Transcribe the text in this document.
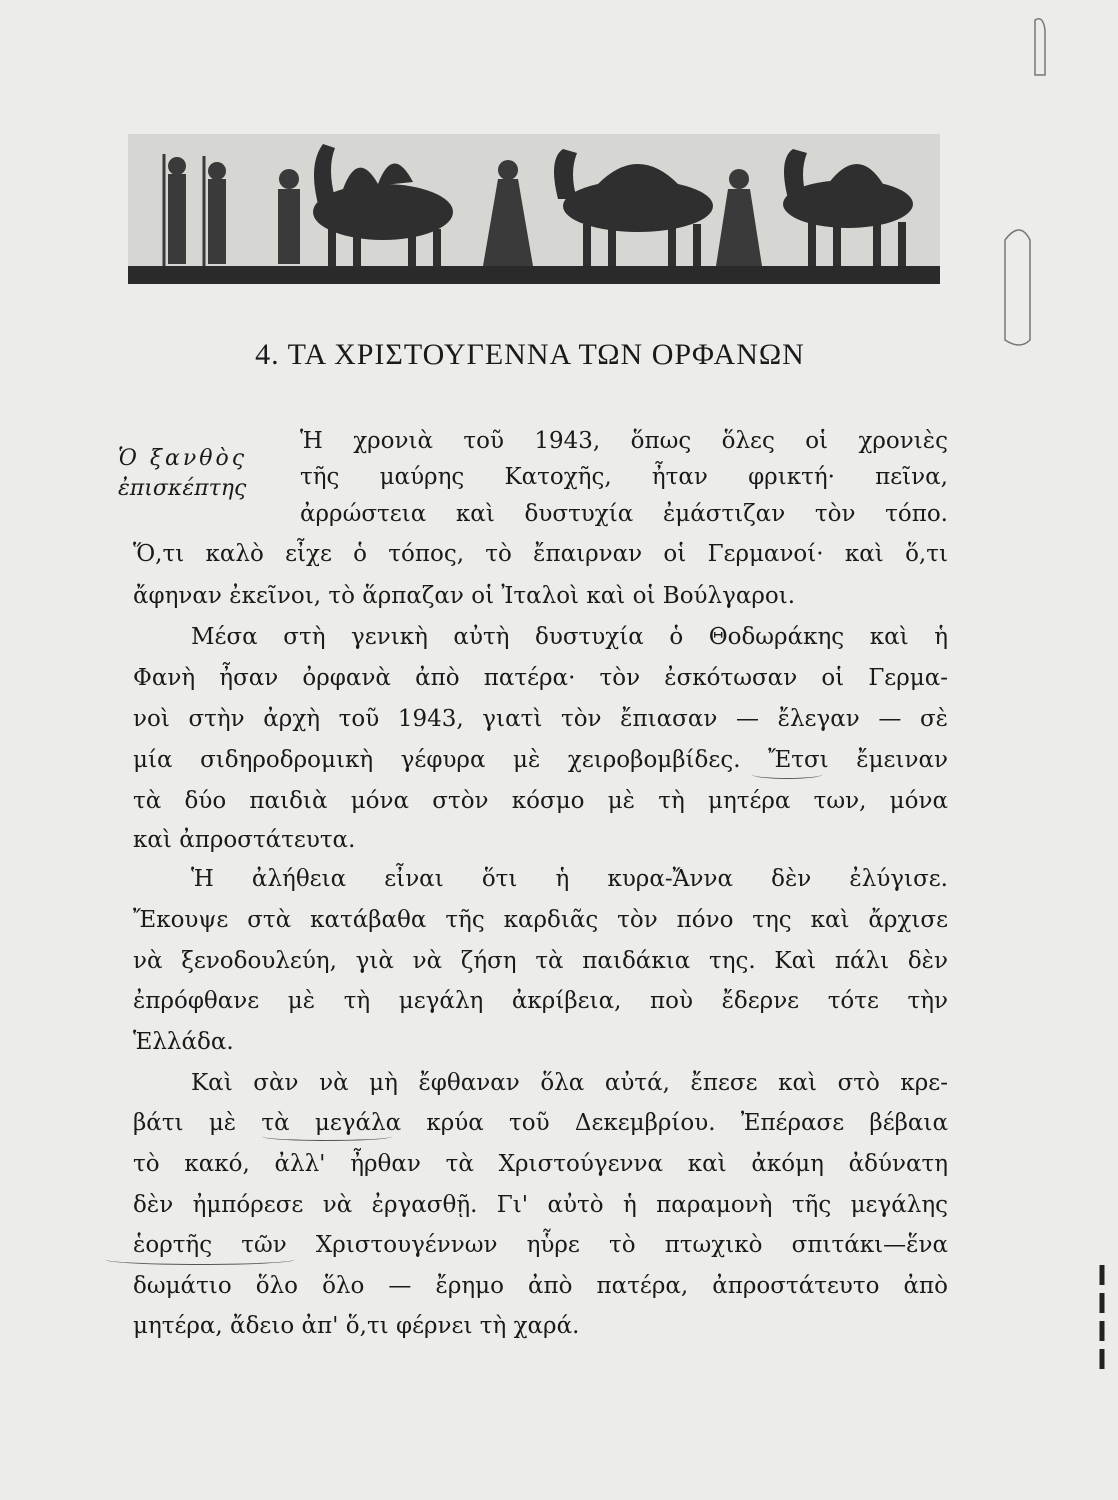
4. ΤΑ ΧΡΙΣΤΟΥΓΕΝΝΑ ΤΩΝ ΟΡΦΑΝΩΝ
Ὁ ξανθὸς
ἐπισκέπτης
Ἡ χρονιὰ τοῦ 1943, ὅπως ὅλες οἱ χρονιὲς
τῆς μαύρης Κατοχῆς, ἦταν φρικτή· πεῖνα,
ἀρρώστεια καὶ δυστυχία ἐμάστιζαν τὸν τόπο.
Ὅ,τι καλὸ εἶχε ὁ τόπος, τὸ ἔπαιρναν οἱ Γερμανοί· καὶ ὅ,τι
ἄφηναν ἐκεῖνοι, τὸ ἅρπαζαν οἱ Ἰταλοὶ καὶ οἱ Βούλγαροι.
Μέσα στὴ γενικὴ αὐτὴ δυστυχία ὁ Θοδωράκης καὶ ἡ
Φανὴ ἦσαν ὀρφανὰ ἀπὸ πατέρα· τὸν ἐσκότωσαν οἱ Γερμα-
νοὶ στὴν ἀρχὴ τοῦ 1943, γιατὶ τὸν ἔπιασαν — ἔλεγαν — σὲ
μία σιδηροδρομικὴ γέφυρα μὲ χειροβομβίδες. Ἔτσι ἔμειναν
τὰ δύο παιδιὰ μόνα στὸν κόσμο μὲ τὴ μητέρα των, μόνα
καὶ ἀπροστάτευτα.
Ἡ ἀλήθεια εἶναι ὅτι ἡ κυρα-Ἄννα δὲν ἐλύγισε.
Ἔκουψε στὰ κατάβαθα τῆς καρδιᾶς τὸν πόνο της καὶ ἄρχισε
νὰ ξενοδουλεύη, γιὰ νὰ ζήση τὰ παιδάκια της. Καὶ πάλι δὲν
ἐπρόφθανε μὲ τὴ μεγάλη ἀκρίβεια, ποὺ ἔδερνε τότε τὴν
Ἑλλάδα.
Καὶ σὰν νὰ μὴ ἔφθαναν ὅλα αὐτά, ἔπεσε καὶ στὸ κρε-
βάτι μὲ τὰ μεγάλα κρύα τοῦ Δεκεμβρίου. Ἐπέρασε βέβαια
τὸ κακό, ἀλλ' ἦρθαν τὰ Χριστούγεννα καὶ ἀκόμη ἀδύνατη
δὲν ἠμπόρεσε νὰ ἐργασθῇ. Γι' αὐτὸ ἡ παραμονὴ τῆς μεγάλης
ἑορτῆς τῶν Χριστουγέννων ηὗρε τὸ πτωχικὸ σπιτάκι—ἕνα
δωμάτιο ὅλο ὅλο — ἔρημο ἀπὸ πατέρα, ἀπροστάτευτο ἀπὸ
μητέρα, ἄδειο ἀπ' ὅ,τι φέρνει τὴ χαρά.
